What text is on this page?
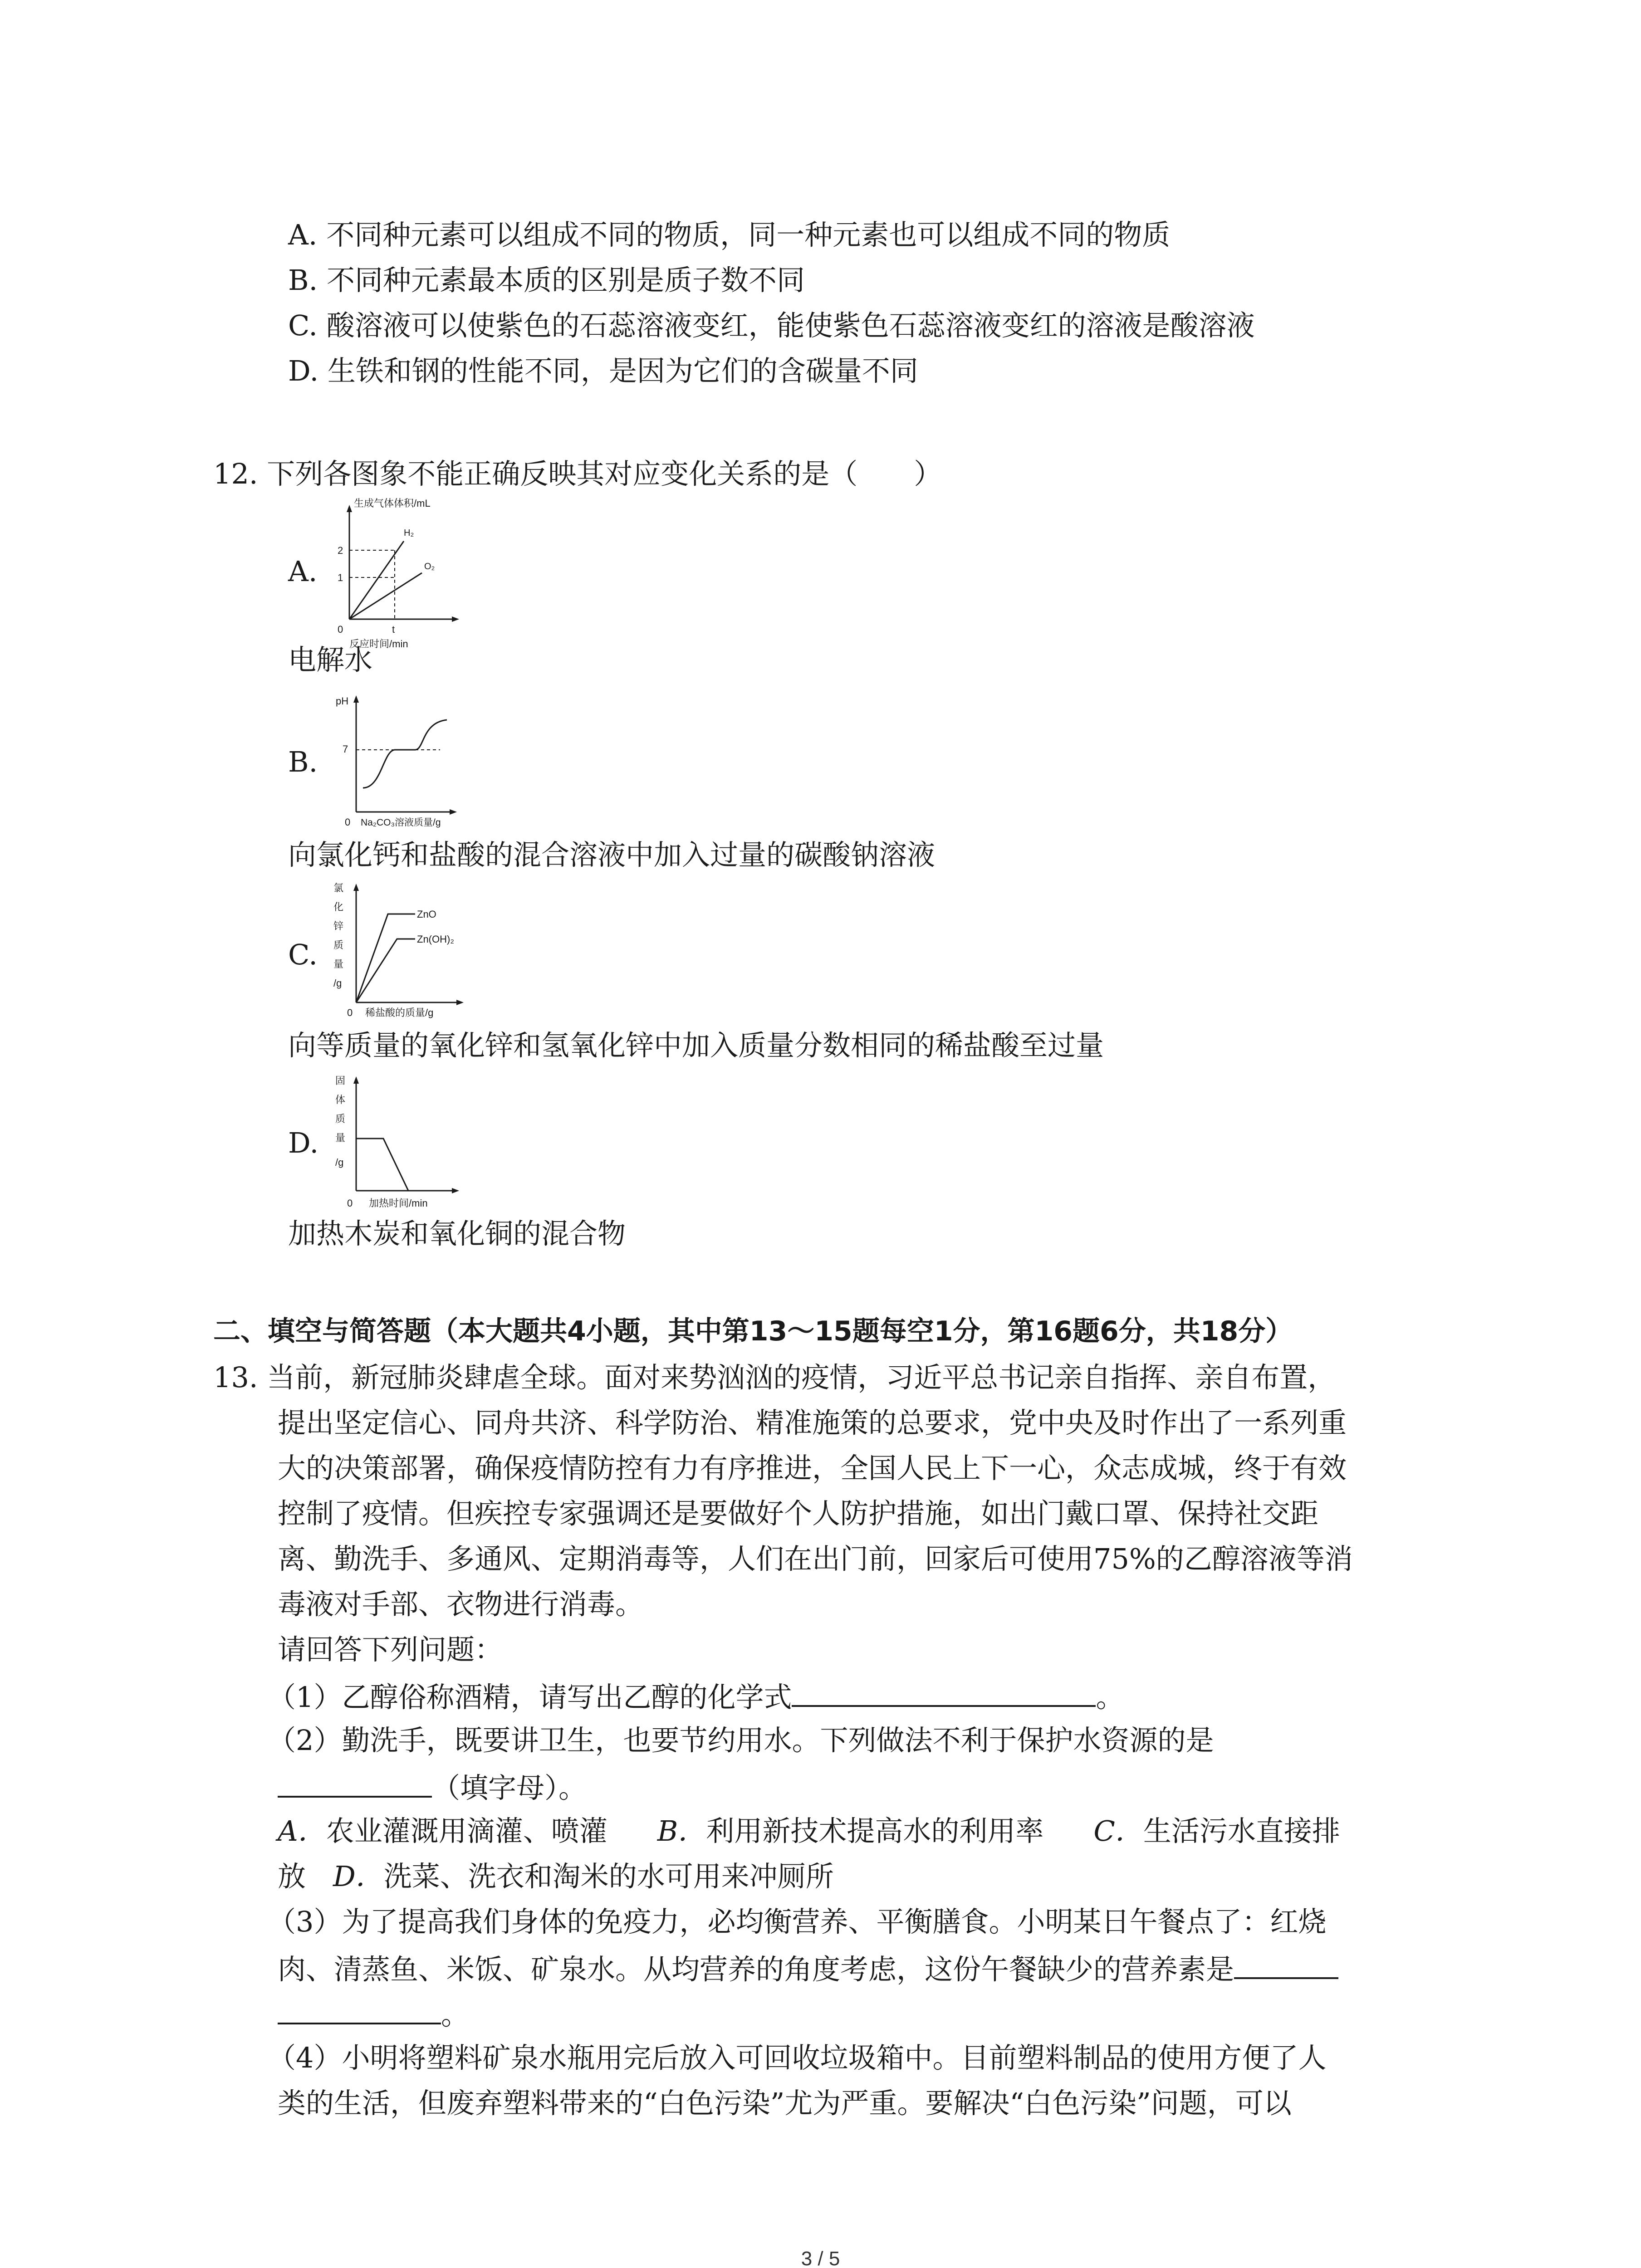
A. 不同种元素可以组成不同的物质，同一种元素也可以组成不同的物质
B. 不同种元素最本质的区别是质子数不同
C. 酸溶液可以使紫色的石蕊溶液变红，能使紫色石蕊溶液变红的溶液是酸溶液
D. 生铁和钢的性能不同，是因为它们的含碳量不同
12. 下列各图象不能正确反映其对应变化关系的是（　　）
A.
生成气体体积/mL
2
1
H₂
O₂
0	t
反应时间/min
电解水
B.
pH
7
0 Na₂CO₃溶液质量/g
向氯化钙和盐酸的混合溶液中加入过量的碳酸钠溶液
C.
氯
化
锌
质
量
/g
ZnO
Zn(OH)₂
0 稀盐酸的质量/g
向等质量的氧化锌和氢氧化锌中加入质量分数相同的稀盐酸至过量
D.
固
体
质
量
/g
0 加热时间/min
加热木炭和氧化铜的混合物
二、填空与简答题（本大题共4小题，其中第13～15题每空1分，第16题6分，共18分）
13. 当前，新冠肺炎肆虐全球。面对来势汹汹的疫情，习近平总书记亲自指挥、亲自布置，
提出坚定信心、同舟共济、科学防治、精准施策的总要求，党中央及时作出了一系列重
大的决策部署，确保疫情防控有力有序推进，全国人民上下一心，众志成城，终于有效
控制了疫情。但疾控专家强调还是要做好个人防护措施，如出门戴口罩、保持社交距
离、勤洗手、多通风、定期消毒等，人们在出门前，回家后可使用75%的乙醇溶液等消
毒液对手部、衣物进行消毒。
请回答下列问题：
（1）乙醇俗称酒精，请写出乙醇的化学式	。
（2）勤洗手，既要讲卫生，也要节约用水。下列做法不利于保护水资源的是
（填字母）。
A．农业灌溉用滴灌、喷灌 B．利用新技术提高水的利用率 C．生活污水直接排
放 D．洗菜、洗衣和淘米的水可用来冲厕所
（3）为了提高我们身体的免疫力，必均衡营养、平衡膳食。小明某日午餐点了：红烧
肉、清蒸鱼、米饭、矿泉水。从均营养的角度考虑，这份午餐缺少的营养素是
。
（4）小明将塑料矿泉水瓶用完后放入可回收垃圾箱中。目前塑料制品的使用方便了人
类的生活，但废弃塑料带来的“白色污染”尤为严重。要解决“白色污染”问题，可以
3 / 5
